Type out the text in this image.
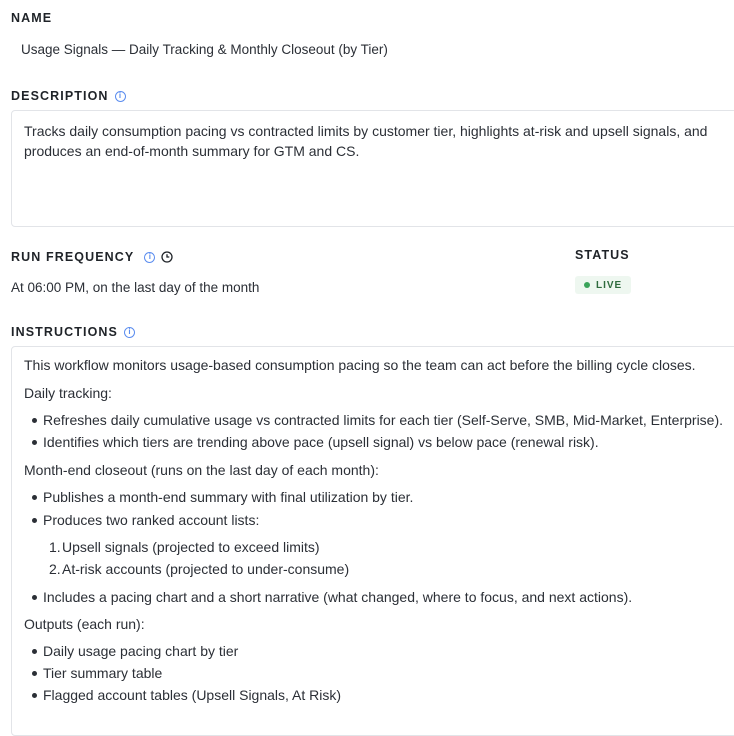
NAME
Usage Signals — Daily Tracking & Monthly Closeout (by Tier)
DESCRIPTION	i
Tracks daily consumption pacing vs contracted limits by customer tier, highlights at-risk and upsell signals, and
produces an end-of-month summary for GTM and CS.
RUN FREQUENCY	i
At 06:00 PM, on the last day of the month
STATUS
LIVE
INSTRUCTIONS	i
This workflow monitors usage-based consumption pacing so the team can act before the billing cycle closes.
Daily tracking:
Refreshes daily cumulative usage vs contracted limits for each tier (Self-Serve, SMB, Mid-Market, Enterprise).
Identifies which tiers are trending above pace (upsell signal) vs below pace (renewal risk).
Month-end closeout (runs on the last day of each month):
Publishes a month-end summary with final utilization by tier.
Produces two ranked account lists:
1. Upsell signals (projected to exceed limits)
2. At-risk accounts (projected to under-consume)
Includes a pacing chart and a short narrative (what changed, where to focus, and next actions).
Outputs (each run):
Daily usage pacing chart by tier
Tier summary table
Flagged account tables (Upsell Signals, At Risk)
